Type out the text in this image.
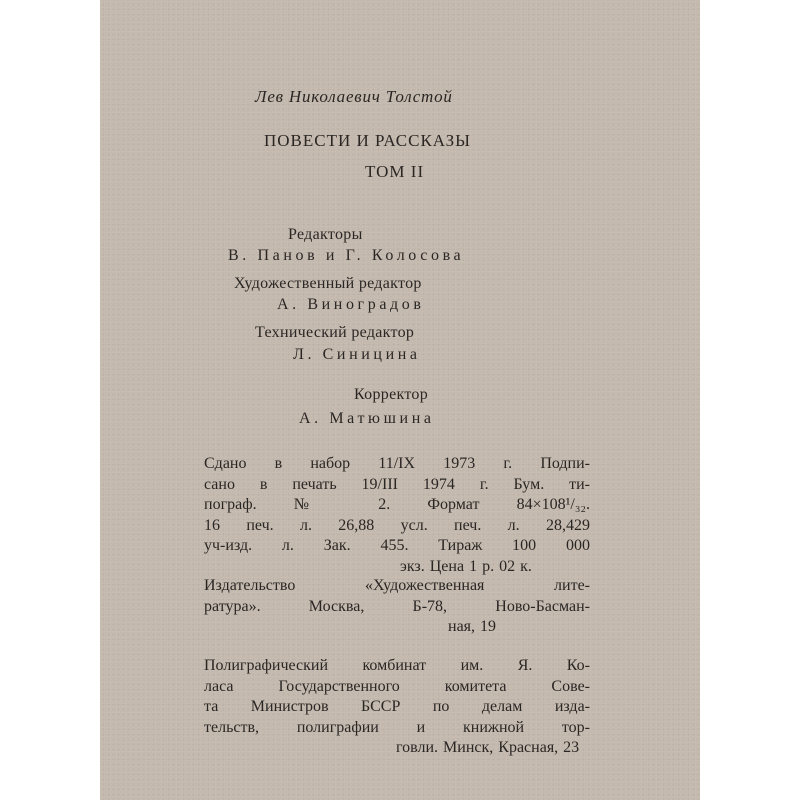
Лев Николаевич Толстой

ПОВЕСТИ И РАССКАЗЫ

ТОМ II

Редакторы

В. Панов и Г. Колосова

Художественный редактор

А. Виноградов

Технический редактор

Л. Синицина

Корректор

А. Матюшина

Сдано в набор 11/IX 1973 г. Подпи-
сано в печать 19/III 1974 г. Бум. ти-
пограф. № 2. Формат 84×108¹/₃₂.
16 печ. л. 26,88 усл. печ. л. 28,429
уч-изд. л. Зак. 455. Тираж 100 000
экз. Цена 1 р. 02 к.
Издательство «Художественная лите-
ратура». Москва, Б-78, Ново-Басман-
ная, 19
Полиграфический комбинат им. Я. Ко-
ласа Государственного комитета Сове-
та Министров БССР по делам изда-
тельств, полиграфии и книжной тор-
говли. Минск, Красная, 23
